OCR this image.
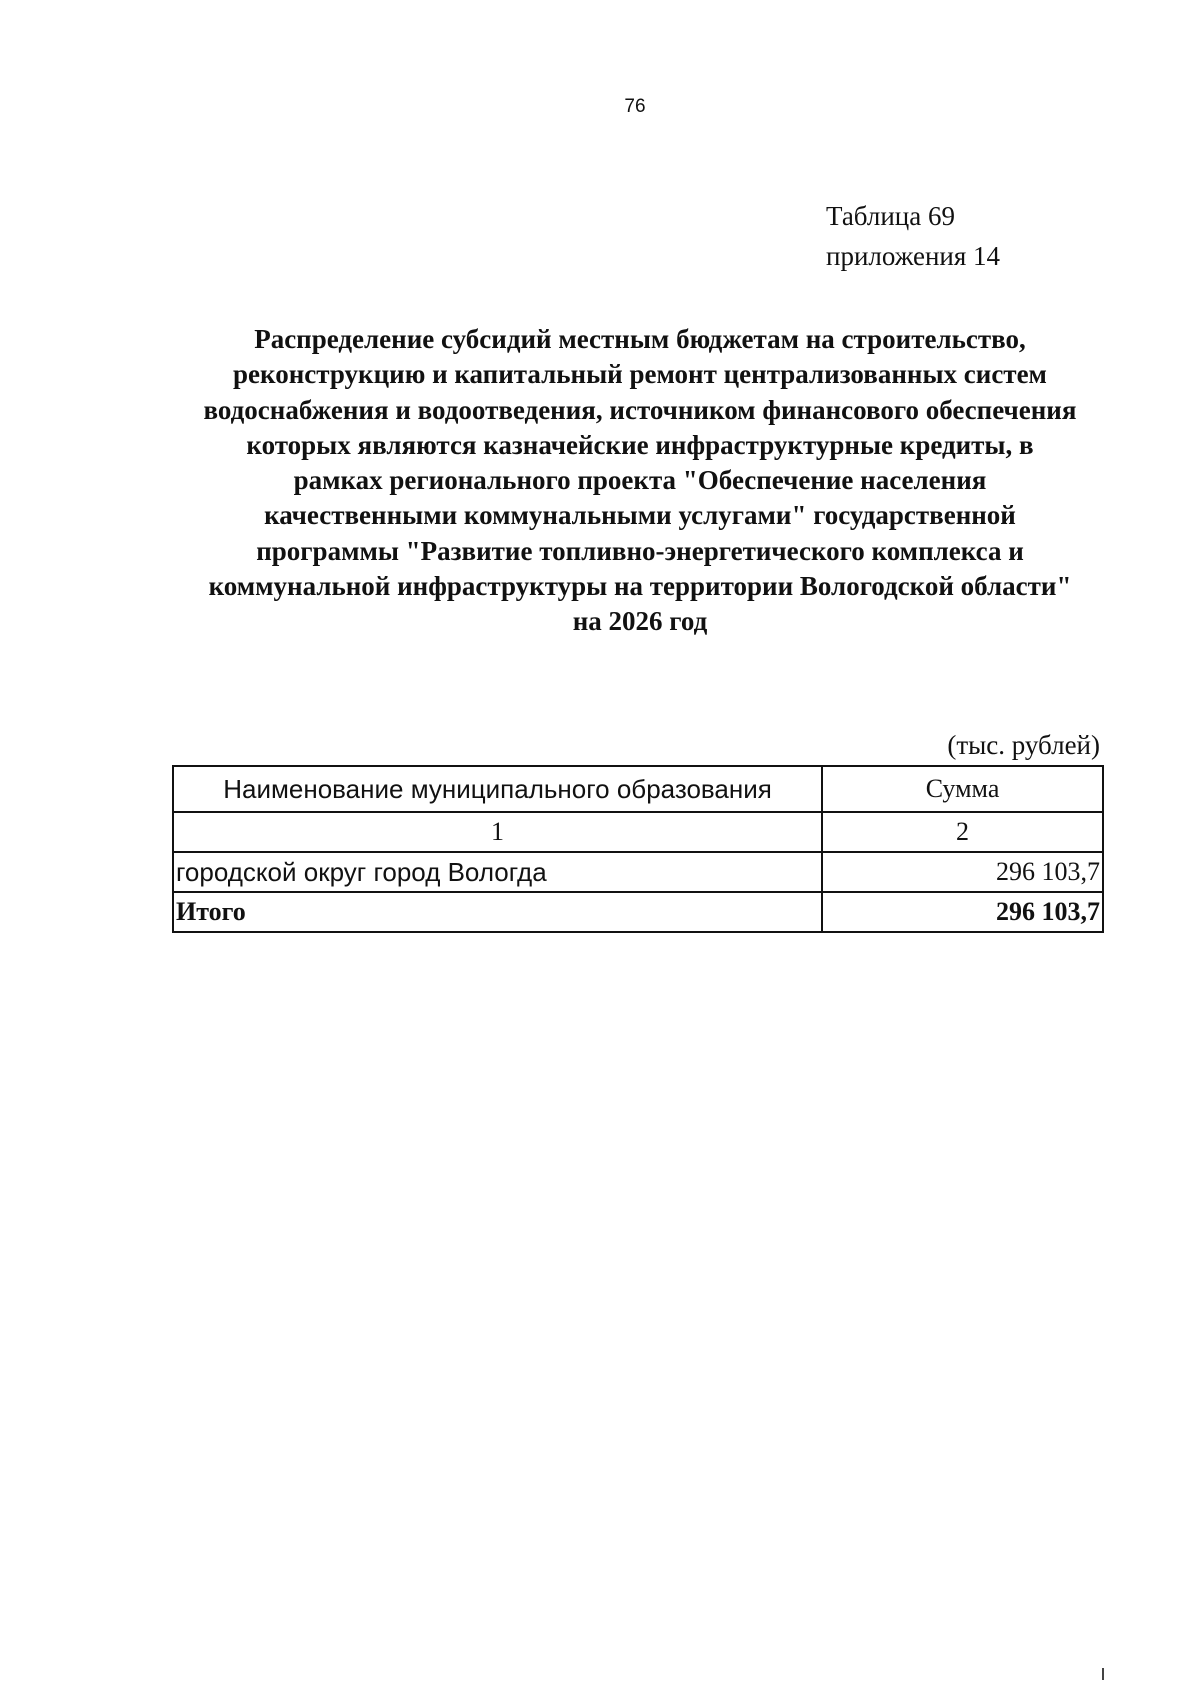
76
Таблица 69
приложения 14
Распределение субсидий местным бюджетам на строительство,
реконструкцию и капитальный ремонт централизованных систем
водоснабжения и водоотведения, источником финансового обеспечения
которых являются казначейские инфраструктурные кредиты, в
рамках регионального проекта "Обеспечение населения
качественными коммунальными услугами" государственной
программы "Развитие топливно-энергетического комплекса и
коммунальной инфраструктуры на территории Вологодской области"
на 2026 год
(тыс. рублей)
Наименование муниципального образования	Сумма
1	2
городской округ город Вологда	296 103,7
Итого	296 103,7
